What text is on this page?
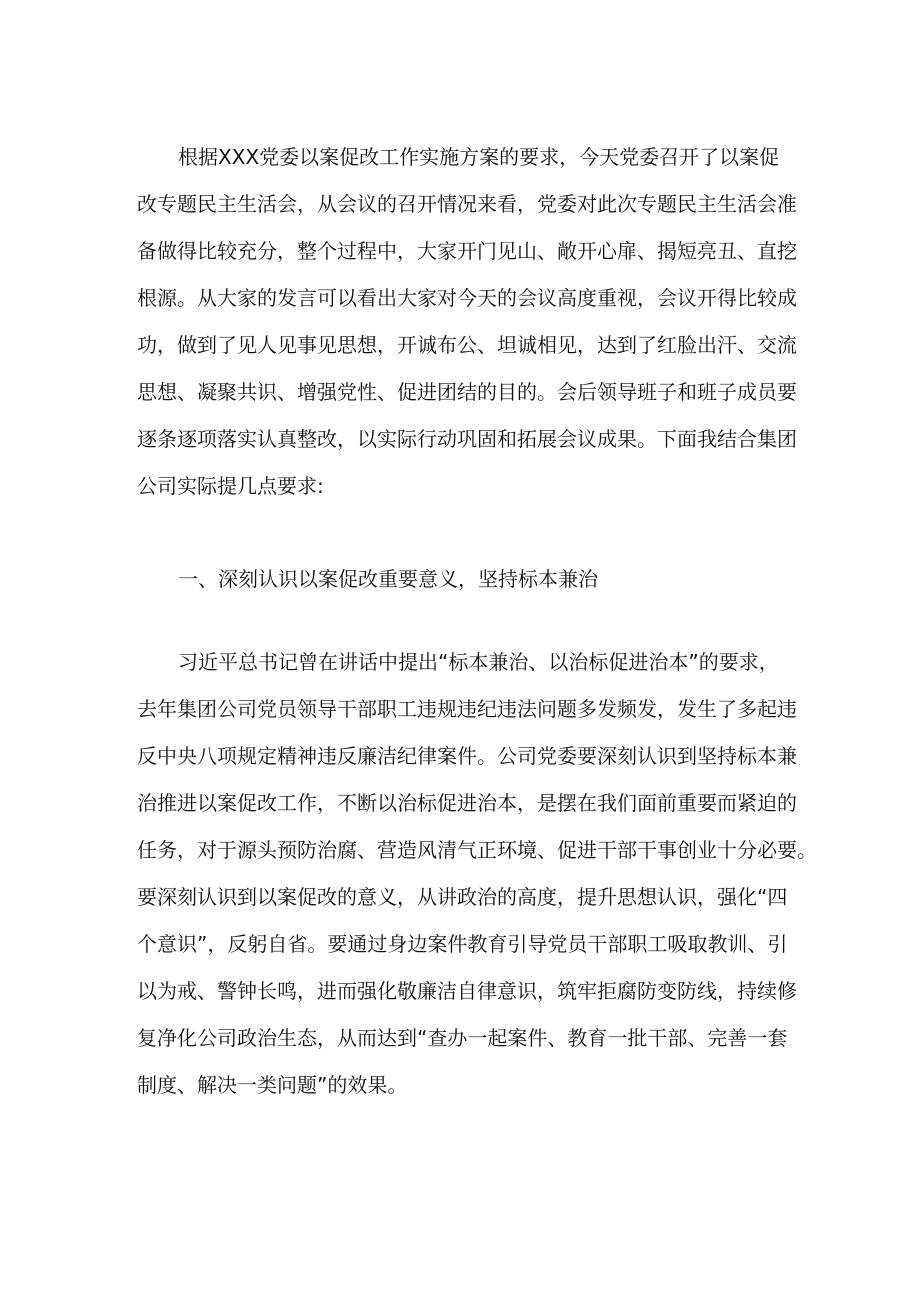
根据XXX党委以案促改工作实施方案的要求，今天党委召开了以案促
改专题民主生活会，从会议的召开情况来看，党委对此次专题民主生活会准
备做得比较充分，整个过程中，大家开门见山、敞开心扉、揭短亮丑、直挖
根源。从大家的发言可以看出大家对今天的会议高度重视，会议开得比较成
功，做到了见人见事见思想，开诚布公、坦诚相见，达到了红脸出汗、交流
思想、凝聚共识、增强党性、促进团结的目的。会后领导班子和班子成员要
逐条逐项落实认真整改，以实际行动巩固和拓展会议成果。下面我结合集团
公司实际提几点要求:
一、深刻认识以案促改重要意义，坚持标本兼治
习近平总书记曾在讲话中提出“标本兼治、以治标促进治本”的要求，
去年集团公司党员领导干部职工违规违纪违法问题多发频发，发生了多起违
反中央八项规定精神违反廉洁纪律案件。公司党委要深刻认识到坚持标本兼
治推进以案促改工作，不断以治标促进治本，是摆在我们面前重要而紧迫的
任务，对于源头预防治腐、营造风清气正环境、促进干部干事创业十分必要。
要深刻认识到以案促改的意义，从讲政治的高度，提升思想认识，强化“四
个意识”，反躬自省。要通过身边案件教育引导党员干部职工吸取教训、引
以为戒、警钟长鸣，进而强化敬廉洁自律意识，筑牢拒腐防变防线，持续修
复净化公司政治生态，从而达到“查办一起案件、教育一批干部、完善一套
制度、解决一类问题”的效果。
